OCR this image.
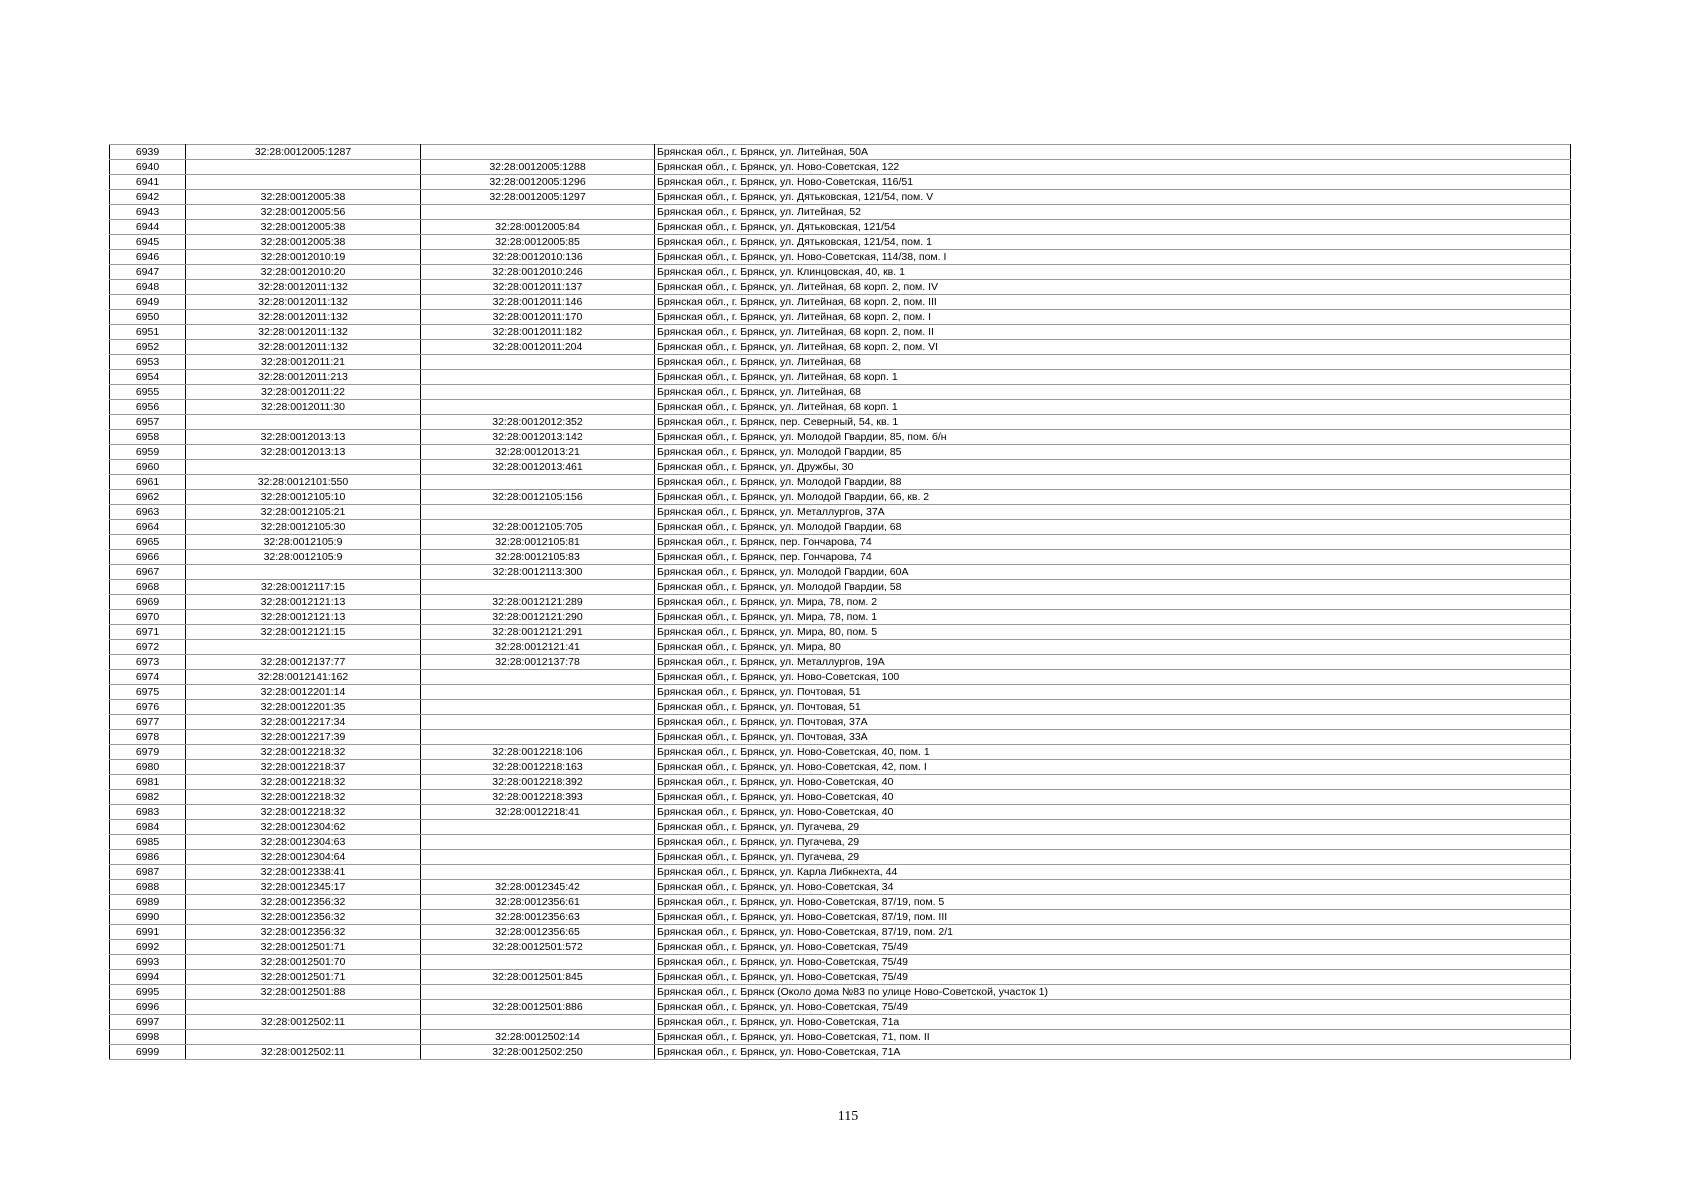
6939	32:28:0012005:1287		Брянская обл., г. Брянск, ул. Литейная, 50А
6940		32:28:0012005:1288	Брянская обл., г. Брянск, ул. Ново-Советская, 122
6941		32:28:0012005:1296	Брянская обл., г. Брянск, ул. Ново-Советская, 116/51
6942	32:28:0012005:38	32:28:0012005:1297	Брянская обл., г. Брянск, ул. Дятьковская, 121/54, пом. V
6943	32:28:0012005:56		Брянская обл., г. Брянск, ул. Литейная, 52
6944	32:28:0012005:38	32:28:0012005:84	Брянская обл., г. Брянск, ул. Дятьковская, 121/54
6945	32:28:0012005:38	32:28:0012005:85	Брянская обл., г. Брянск, ул. Дятьковская, 121/54, пом. 1
6946	32:28:0012010:19	32:28:0012010:136	Брянская обл., г. Брянск, ул. Ново-Советская, 114/38, пом. I
6947	32:28:0012010:20	32:28:0012010:246	Брянская обл., г. Брянск, ул. Клинцовская, 40, кв. 1
6948	32:28:0012011:132	32:28:0012011:137	Брянская обл., г. Брянск, ул. Литейная, 68 корп. 2, пом. IV
6949	32:28:0012011:132	32:28:0012011:146	Брянская обл., г. Брянск, ул. Литейная, 68 корп. 2, пом. III
6950	32:28:0012011:132	32:28:0012011:170	Брянская обл., г. Брянск, ул. Литейная, 68 корп. 2, пом. I
6951	32:28:0012011:132	32:28:0012011:182	Брянская обл., г. Брянск, ул. Литейная, 68 корп. 2, пом. II
6952	32:28:0012011:132	32:28:0012011:204	Брянская обл., г. Брянск, ул. Литейная, 68 корп. 2, пом. VI
6953	32:28:0012011:21		Брянская обл., г. Брянск, ул. Литейная, 68
6954	32:28:0012011:213		Брянская обл., г. Брянск, ул. Литейная, 68 корп. 1
6955	32:28:0012011:22		Брянская обл., г. Брянск, ул. Литейная, 68
6956	32:28:0012011:30		Брянская обл., г. Брянск, ул. Литейная, 68 корп. 1
6957		32:28:0012012:352	Брянская обл., г. Брянск, пер. Северный, 54, кв. 1
6958	32:28:0012013:13	32:28:0012013:142	Брянская обл., г. Брянск, ул. Молодой Гвардии, 85, пом. б/н
6959	32:28:0012013:13	32:28:0012013:21	Брянская обл., г. Брянск, ул. Молодой Гвардии, 85
6960		32:28:0012013:461	Брянская обл., г. Брянск, ул. Дружбы, 30
6961	32:28:0012101:550		Брянская обл., г. Брянск, ул. Молодой Гвардии, 88
6962	32:28:0012105:10	32:28:0012105:156	Брянская обл., г. Брянск, ул. Молодой Гвардии, 66, кв. 2
6963	32:28:0012105:21		Брянская обл., г. Брянск, ул. Металлургов, 37А
6964	32:28:0012105:30	32:28:0012105:705	Брянская обл., г. Брянск, ул. Молодой Гвардии, 68
6965	32:28:0012105:9	32:28:0012105:81	Брянская обл., г. Брянск, пер. Гончарова, 74
6966	32:28:0012105:9	32:28:0012105:83	Брянская обл., г. Брянск, пер. Гончарова, 74
6967		32:28:0012113:300	Брянская обл., г. Брянск, ул. Молодой Гвардии, 60А
6968	32:28:0012117:15		Брянская обл., г. Брянск, ул. Молодой Гвардии, 58
6969	32:28:0012121:13	32:28:0012121:289	Брянская обл., г. Брянск, ул. Мира, 78, пом. 2
6970	32:28:0012121:13	32:28:0012121:290	Брянская обл., г. Брянск, ул. Мира, 78, пом. 1
6971	32:28:0012121:15	32:28:0012121:291	Брянская обл., г. Брянск, ул. Мира, 80, пом. 5
6972		32:28:0012121:41	Брянская обл., г. Брянск, ул. Мира, 80
6973	32:28:0012137:77	32:28:0012137:78	Брянская обл., г. Брянск, ул. Металлургов, 19А
6974	32:28:0012141:162		Брянская обл., г. Брянск, ул. Ново-Советская, 100
6975	32:28:0012201:14		Брянская обл., г. Брянск, ул. Почтовая, 51
6976	32:28:0012201:35		Брянская обл., г. Брянск, ул. Почтовая, 51
6977	32:28:0012217:34		Брянская обл., г. Брянск, ул. Почтовая, 37А
6978	32:28:0012217:39		Брянская обл., г. Брянск, ул. Почтовая, 33А
6979	32:28:0012218:32	32:28:0012218:106	Брянская обл., г. Брянск, ул. Ново-Советская, 40, пом. 1
6980	32:28:0012218:37	32:28:0012218:163	Брянская обл., г. Брянск, ул. Ново-Советская, 42, пом. I
6981	32:28:0012218:32	32:28:0012218:392	Брянская обл., г. Брянск, ул. Ново-Советская, 40
6982	32:28:0012218:32	32:28:0012218:393	Брянская обл., г. Брянск, ул. Ново-Советская, 40
6983	32:28:0012218:32	32:28:0012218:41	Брянская обл., г. Брянск, ул. Ново-Советская, 40
6984	32:28:0012304:62		Брянская обл., г. Брянск, ул. Пугачева, 29
6985	32:28:0012304:63		Брянская обл., г. Брянск, ул. Пугачева, 29
6986	32:28:0012304:64		Брянская обл., г. Брянск, ул. Пугачева, 29
6987	32:28:0012338:41		Брянская обл., г. Брянск, ул. Карла Либкнехта, 44
6988	32:28:0012345:17	32:28:0012345:42	Брянская обл., г. Брянск, ул. Ново-Советская, 34
6989	32:28:0012356:32	32:28:0012356:61	Брянская обл., г. Брянск, ул. Ново-Советская, 87/19, пом. 5
6990	32:28:0012356:32	32:28:0012356:63	Брянская обл., г. Брянск, ул. Ново-Советская, 87/19, пом. III
6991	32:28:0012356:32	32:28:0012356:65	Брянская обл., г. Брянск, ул. Ново-Советская, 87/19, пом. 2/1
6992	32:28:0012501:71	32:28:0012501:572	Брянская обл., г. Брянск, ул. Ново-Советская, 75/49
6993	32:28:0012501:70		Брянская обл., г. Брянск, ул. Ново-Советская, 75/49
6994	32:28:0012501:71	32:28:0012501:845	Брянская обл., г. Брянск, ул. Ново-Советская, 75/49
6995	32:28:0012501:88		Брянская обл., г. Брянск (Около дома №83 по улице Ново-Советской, участок 1)
6996		32:28:0012501:886	Брянская обл., г. Брянск, ул. Ново-Советская, 75/49
6997	32:28:0012502:11		Брянская обл., г. Брянск, ул. Ново-Советская, 71а
6998		32:28:0012502:14	Брянская обл., г. Брянск, ул. Ново-Советская, 71, пом. II
6999	32:28:0012502:11	32:28:0012502:250	Брянская обл., г. Брянск, ул. Ново-Советская, 71А
115
